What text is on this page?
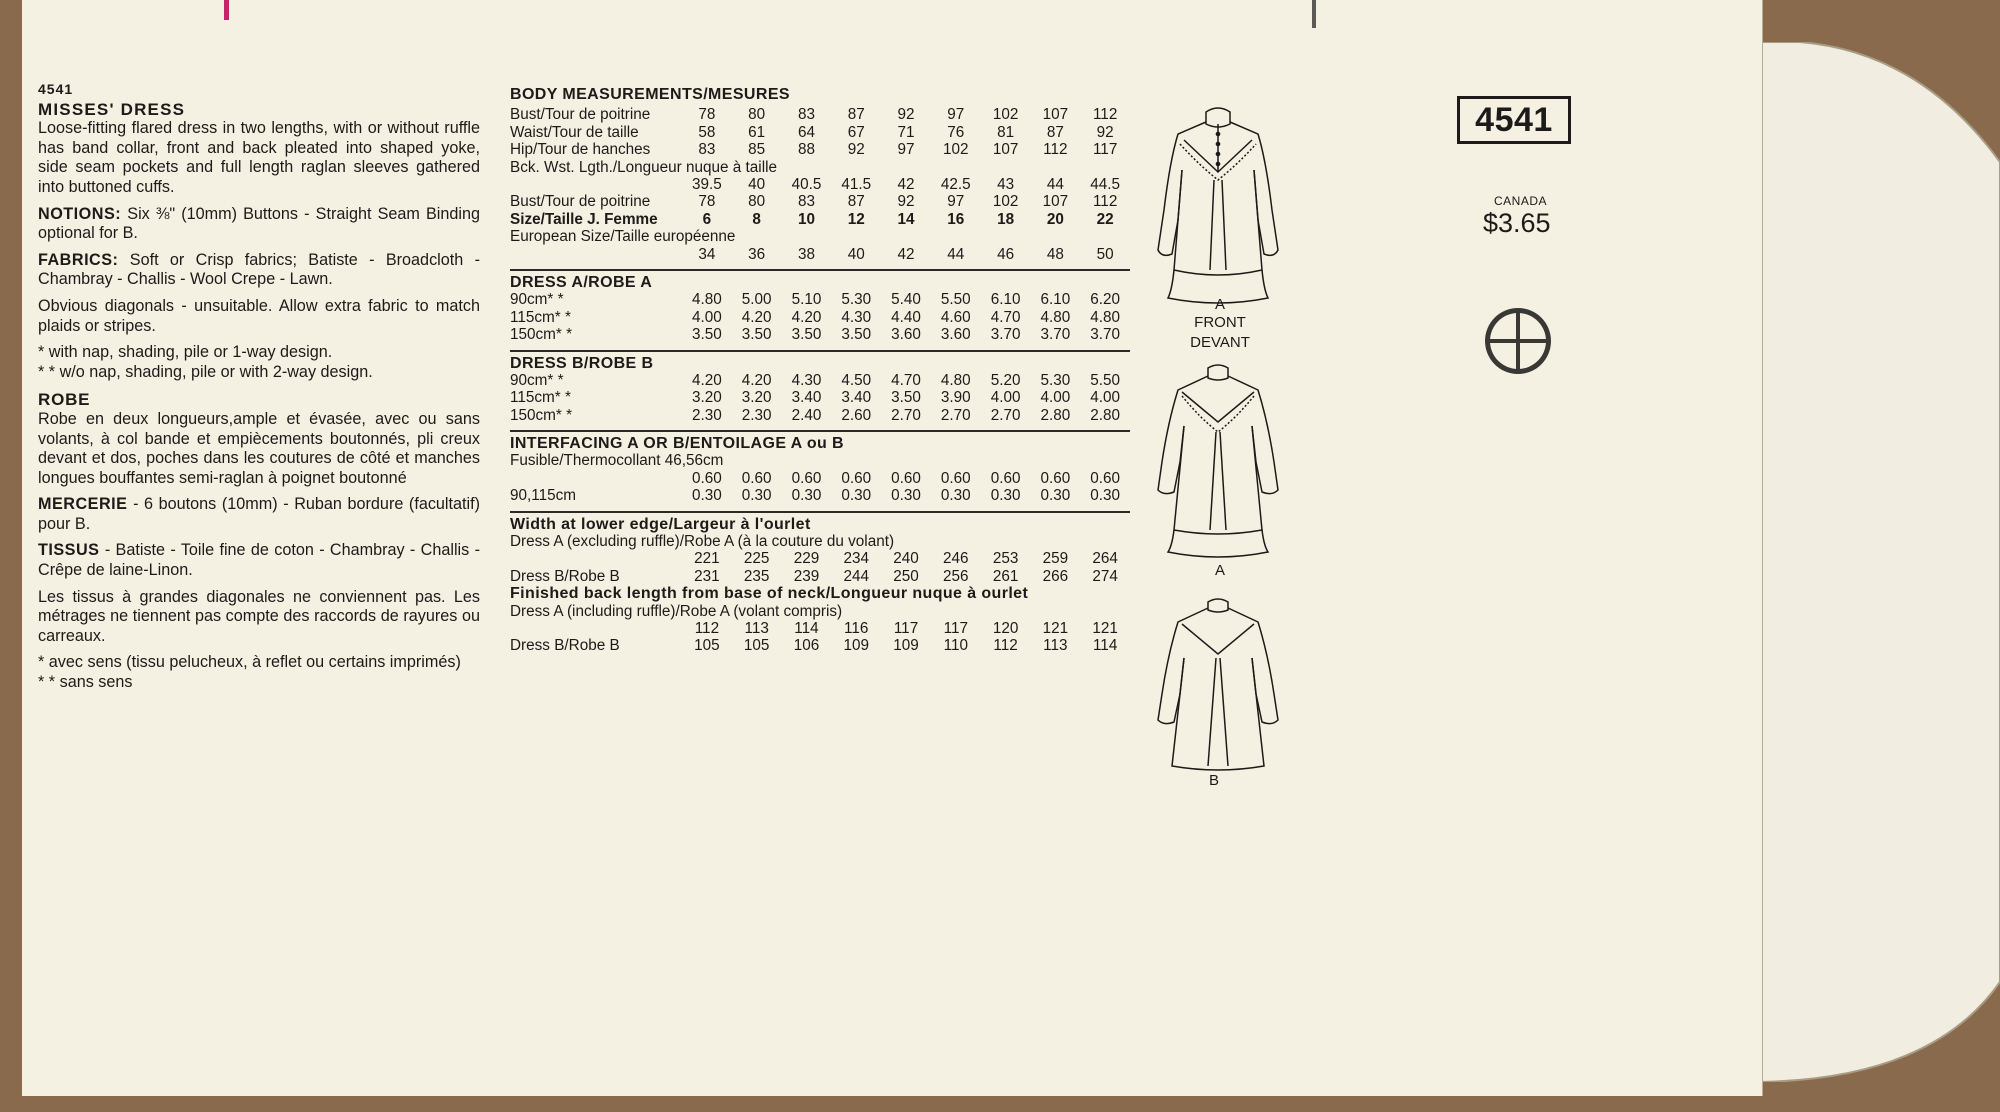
4541
MISSES' DRESS

Loose-fitting flared dress in two lengths, with or without ruffle has band collar, front and back pleated into shaped yoke, side seam pockets and full length raglan sleeves gathered into buttoned cuffs.

NOTIONS: Six ⅜" (10mm) Buttons - Straight Seam Binding optional for B.

FABRICS: Soft or Crisp fabrics; Batiste - Broadcloth - Chambray - Challis - Wool Crepe - Lawn.

Obvious diagonals - unsuitable. Allow extra fabric to match plaids or stripes.

* with nap, shading, pile or 1-way design.
* * w/o nap, shading, pile or with 2-way design.
ROBE

Robe en deux longueurs,ample et évasée, avec ou sans volants, à col bande et empiècements boutonnés, pli creux devant et dos, poches dans les coutures de côté et manches longues bouffantes semi-raglan à poignet boutonné

MERCERIE - 6 boutons (10mm) - Ruban bordure (facultatif) pour B.

TISSUS - Batiste - Toile fine de coton - Chambray - Challis - Crêpe de laine-Linon.

Les tissus à grandes diagonales ne conviennent pas. Les métrages ne tiennent pas compte des raccords de rayures ou carreaux.

* avec sens (tissu pelucheux, à reflet ou certains imprimés)
* * sans sens
BODY MEASUREMENTS/MESURES
Bust/Tour de poitrine	78	80	83	87	92	97	102	107	112
Waist/Tour de taille	58	61	64	67	71	76	81	87	92
Hip/Tour de hanches	83	85	88	92	97	102	107	112	117
Bck. Wst. Lgth./Longueur nuque à taille
39.5	40	40.5	41.5	42	42.5	43	44	44.5
Bust/Tour de poitrine	78	80	83	87	92	97	102	107	112
Size/Taille J. Femme	6	8	10	12	14	16	18	20	22
European Size/Taille européenne
34	36	38	40	42	44	46	48	50
DRESS A/ROBE A
90cm* *	4.80	5.00	5.10	5.30	5.40	5.50	6.10	6.10	6.20
115cm* *	4.00	4.20	4.20	4.30	4.40	4.60	4.70	4.80	4.80
150cm* *	3.50	3.50	3.50	3.50	3.60	3.60	3.70	3.70	3.70
DRESS B/ROBE B
90cm* *	4.20	4.20	4.30	4.50	4.70	4.80	5.20	5.30	5.50
115cm* *	3.20	3.20	3.40	3.40	3.50	3.90	4.00	4.00	4.00
150cm* *	2.30	2.30	2.40	2.60	2.70	2.70	2.70	2.80	2.80
INTERFACING A OR B/ENTOILAGE A ou B
Fusible/Thermocollant 46,56cm
0.60	0.60	0.60	0.60	0.60	0.60	0.60	0.60	0.60
90,115cm	0.30	0.30	0.30	0.30	0.30	0.30	0.30	0.30	0.30
Width at lower edge/Largeur à l'ourlet
Dress A (excluding ruffle)/Robe A (à la couture du volant)
221	225	229	234	240	246	253	259	264
Dress B/Robe B	231	235	239	244	250	256	261	266	274
Finished back length from base of neck/Longueur nuque à ourlet
Dress A (including ruffle)/Robe A (volant compris)
112	113	114	116	117	117	120	121	121
Dress B/Robe B	105	105	106	109	109	110	112	113	114
A
FRONT
DEVANT
A
B
4541
CANADA
$3.65
